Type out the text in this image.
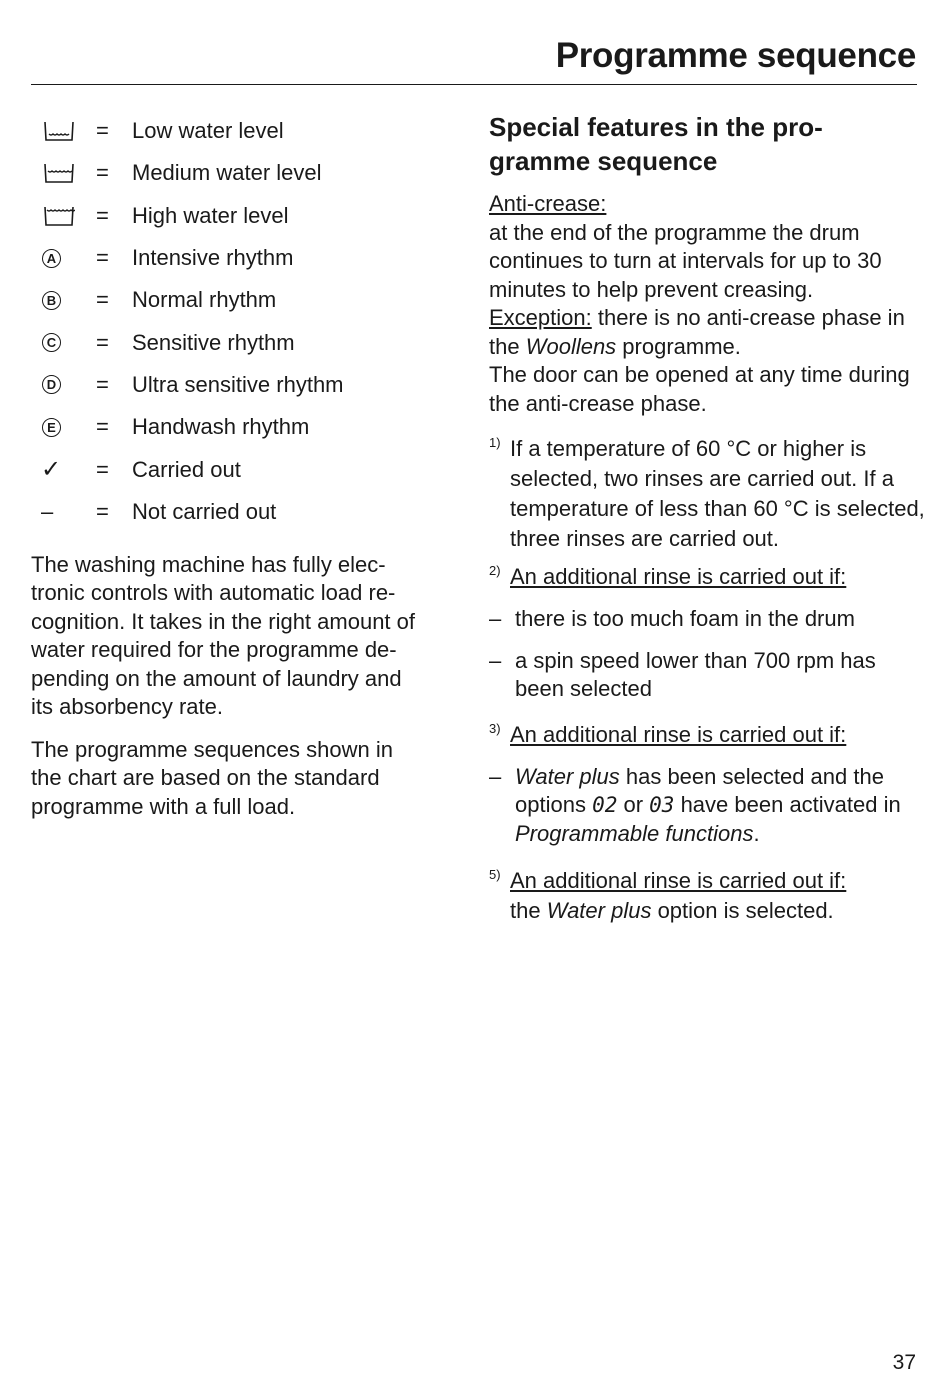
Programme sequence
=	Low water level
=	Medium water level
=	High water level
A	=	Intensive rhythm
B	=	Normal rhythm
C	=	Sensitive rhythm
D	=	Ultra sensitive rhythm
E	=	Handwash rhythm
✓	=	Carried out
–	=	Not carried out

The washing machine has fully elec-
tronic controls with automatic load re-
cognition. It takes in the right amount of
water required for the programme de-
pending on the amount of laundry and
its absorbency rate.

The programme sequences shown in
the chart are based on the standard
programme with a full load.

Special features in the pro-
gramme sequence

Anti-crease:
at the end of the programme the drum continues to turn at intervals for up to 30 minutes to help prevent creasing.
Exception: there is no anti-crease phase in the Woollens programme.
The door can be opened at any time during the anti-crease phase.

1) If a temperature of 60 °C or higher is selected, two rinses are carried out. If a temperature of less than 60 °C is selected, three rinses are carried out.
2) An additional rinse is carried out if:
– there is too much foam in the drum
– a spin speed lower than 700 rpm has been selected
3) An additional rinse is carried out if:
– Water plus has been selected and the options 02 or 03 have been activated in Programmable functions.
5) An additional rinse is carried out if:
the Water plus option is selected.
37
